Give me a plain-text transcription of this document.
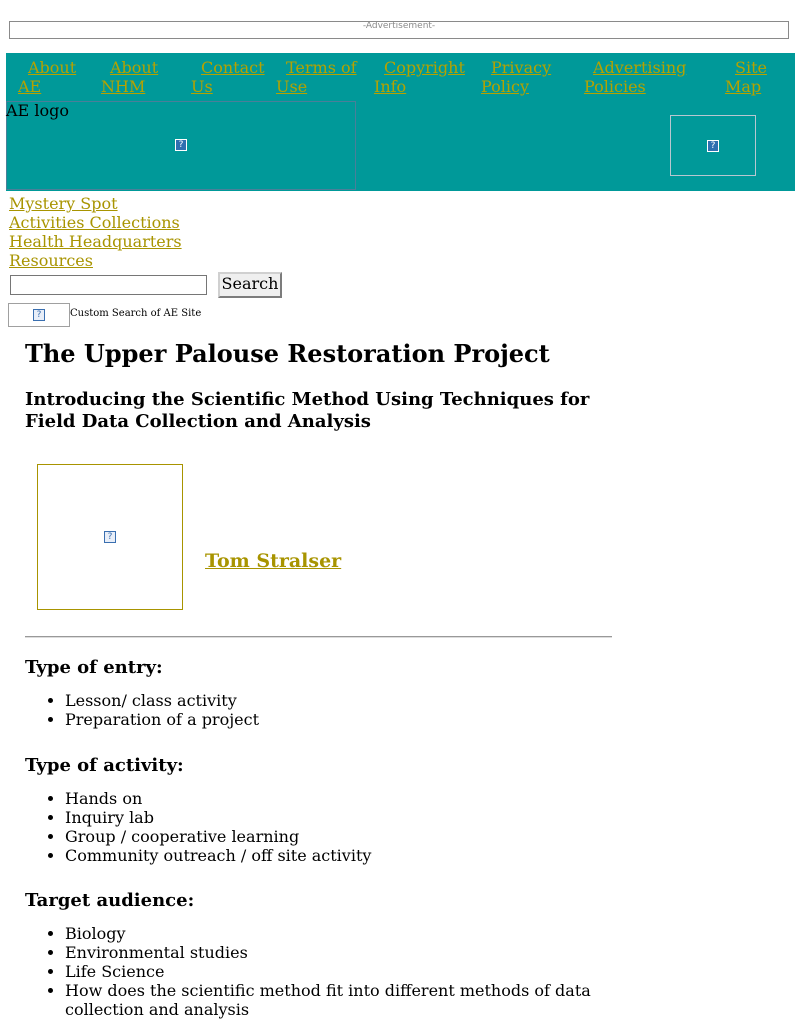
-Advertisement-
About
AE
About
NHM
Contact
Us
Terms of
Use
Copyright
Info
Privacy
Policy
Advertising
Policies
Site
Map
?
AE logo
?
Mystery Spot
Activities Collections
Health Headquarters
Resources
Search
?	Custom Search of AE Site
The Upper Palouse Restoration Project
Introducing the Scientific Method Using Techniques for Field Data Collection and Analysis
?
Tom Stralser
Type of entry:
• Lesson/ class activity
• Preparation of a project
Type of activity:
• Hands on
• Inquiry lab
• Group / cooperative learning
• Community outreach / off site activity
Target audience:
• Biology
• Environmental studies
• Life Science
• How does the scientific method fit into different methods of data collection and analysis
